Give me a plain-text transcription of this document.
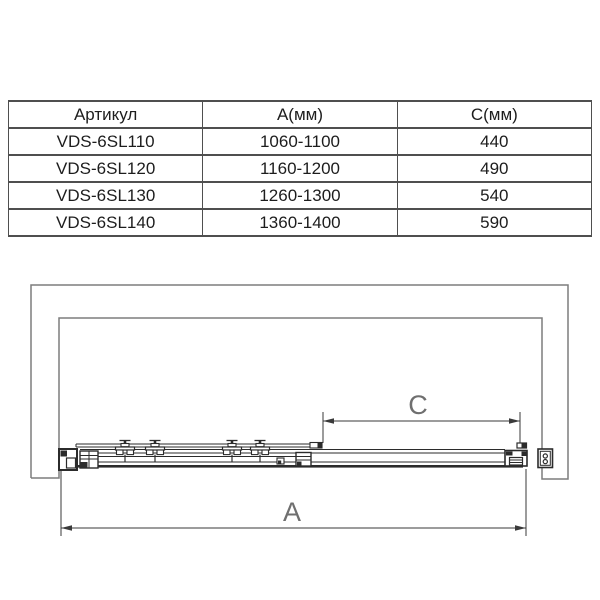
Артикул	А(мм)	С(мм)
VDS-6SL110	1060-1100	440
VDS-6SL120	1160-1200	490
VDS-6SL130	1260-1300	540
VDS-6SL140	1360-1400	590
C
A
